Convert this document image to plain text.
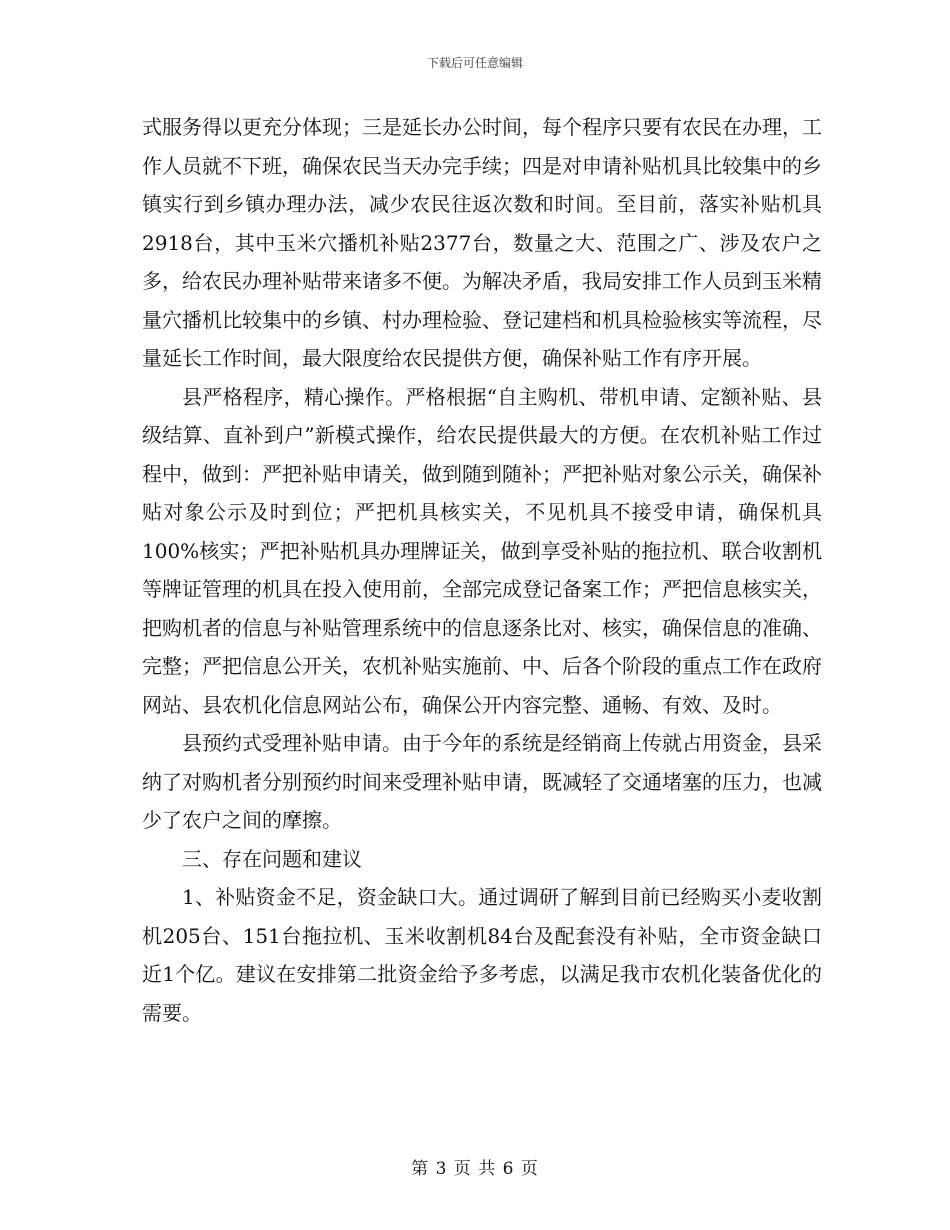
下载后可任意编辑

式服务得以更充分体现；三是延长办公时间，每个程序只要有农民在办理，工作人员就不下班，确保农民当天办完手续；四是对申请补贴机具比较集中的乡镇实行到乡镇办理办法，减少农民往返次数和时间。至目前，落实补贴机具2918台，其中玉米穴播机补贴2377台，数量之大、范围之广、涉及农户之多，给农民办理补贴带来诸多不便。为解决矛盾，我局安排工作人员到玉米精量穴播机比较集中的乡镇、村办理检验、登记建档和机具检验核实等流程，尽量延长工作时间，最大限度给农民提供方便，确保补贴工作有序开展。

县严格程序，精心操作。严格根据“自主购机、带机申请、定额补贴、县级结算、直补到户”新模式操作，给农民提供最大的方便。在农机补贴工作过程中，做到：严把补贴申请关，做到随到随补；严把补贴对象公示关，确保补贴对象公示及时到位；严把机具核实关，不见机具不接受申请，确保机具100%核实；严把补贴机具办理牌证关，做到享受补贴的拖拉机、联合收割机等牌证管理的机具在投入使用前，全部完成登记备案工作；严把信息核实关，把购机者的信息与补贴管理系统中的信息逐条比对、核实，确保信息的准确、完整；严把信息公开关，农机补贴实施前、中、后各个阶段的重点工作在政府网站、县农机化信息网站公布，确保公开内容完整、通畅、有效、及时。

县预约式受理补贴申请。由于今年的系统是经销商上传就占用资金，县采纳了对购机者分别预约时间来受理补贴申请，既减轻了交通堵塞的压力，也减少了农户之间的摩擦。

三、存在问题和建议

1、补贴资金不足，资金缺口大。通过调研了解到目前已经购买小麦收割机205台、151台拖拉机、玉米收割机84台及配套没有补贴，全市资金缺口近1个亿。建议在安排第二批资金给予多考虑，以满足我市农机化装备优化的需要。

第 3 页 共 6 页
